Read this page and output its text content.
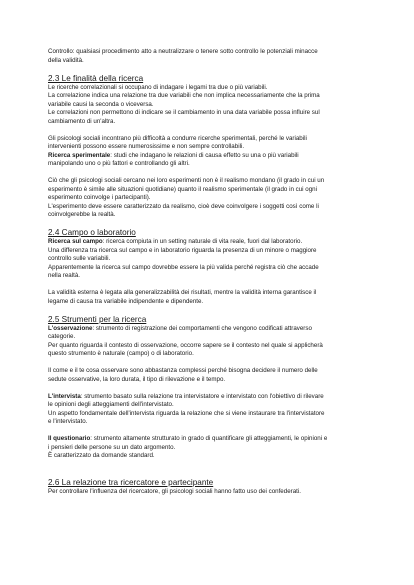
Controllo: qualsiasi procedimento atto a neutralizzare o tenere sotto controllo le potenziali minacce

della validità.

2.3 Le finalità della ricerca

Le ricerche correlazionali si occupano di indagare i legami tra due o più variabili.

La correlazione indica una relazione tra due variabili che non implica necessariamente che la prima

variabile causi la seconda o viceversa.

Le correlazioni non permettono di indicare se il cambiamento in una data variabile possa influire sul

cambiamento di un'altra.

Gli psicologi sociali incontrano più difficoltà a condurre ricerche sperimentali, perché le variabili

intervenienti possono essere numerosissime e non sempre controllabili.

Ricerca sperimentale: studi che indagano le relazioni di causa effetto su una o più variabili

manipolando uno o più fattori e controllando gli altri.

Ciò che gli psicologi sociali cercano nei loro esperimenti non è il realismo mondano (il grado in cui un

esperimento è simile alle situazioni quotidiane) quanto il realismo sperimentale (il grado in cui ogni

esperimento coinvolge i partecipanti).

L'esperimento deve essere caratterizzato da realismo, cioè deve coinvolgere i soggetti così come li

coinvolgerebbe la realtà.

2.4 Campo o laboratorio

Ricerca sul campo: ricerca compiuta in un setting naturale di vita reale, fuori dal laboratorio.

Una differenza tra ricerca sul campo e in laboratorio riguarda la presenza di un minore o maggiore

controllo sulle variabili.

Apparentemente la ricerca sul campo dovrebbe essere la più valida perché registra ciò che accade

nella realtà.

La validità esterna è legata alla generalizzabilità dei risultati, mentre la validità interna garantisce il

legame di causa tra variabile indipendente e dipendente.

2.5 Strumenti per la ricerca

L'osservazione: strumento di registrazione dei comportamenti che vengono codificati attraverso

categorie.

Per quanto riguarda il contesto di osservazione, occorre sapere se il contesto nel quale si applicherà

questo strumento è naturale (campo) o di laboratorio.

Il come e il te cosa osservare sono abbastanza complessi perché bisogna decidere il numero delle

sedute osservative, la loro durata, il tipo di rilevazione e il tempo.

L'intervista: strumento basato sulla relazione tra intervistatore e intervistato con l'obiettivo di rilevare

le opinioni degli atteggiamenti dell'intervistato.

Un aspetto fondamentale dell'intervista riguarda la relazione che si viene instaurare tra l'intervistatore

e l'intervistato.

Il questionario: strumento altamente strutturato in grado di quantificare gli atteggiamenti, le opinioni e

i pensieri delle persone su un dato argomento.

È caratterizzato da domande standard.

2.6 La relazione tra ricercatore e partecipante

Per controllare l'influenza del ricercatore, gli psicologi sociali hanno fatto uso dei confederati.
